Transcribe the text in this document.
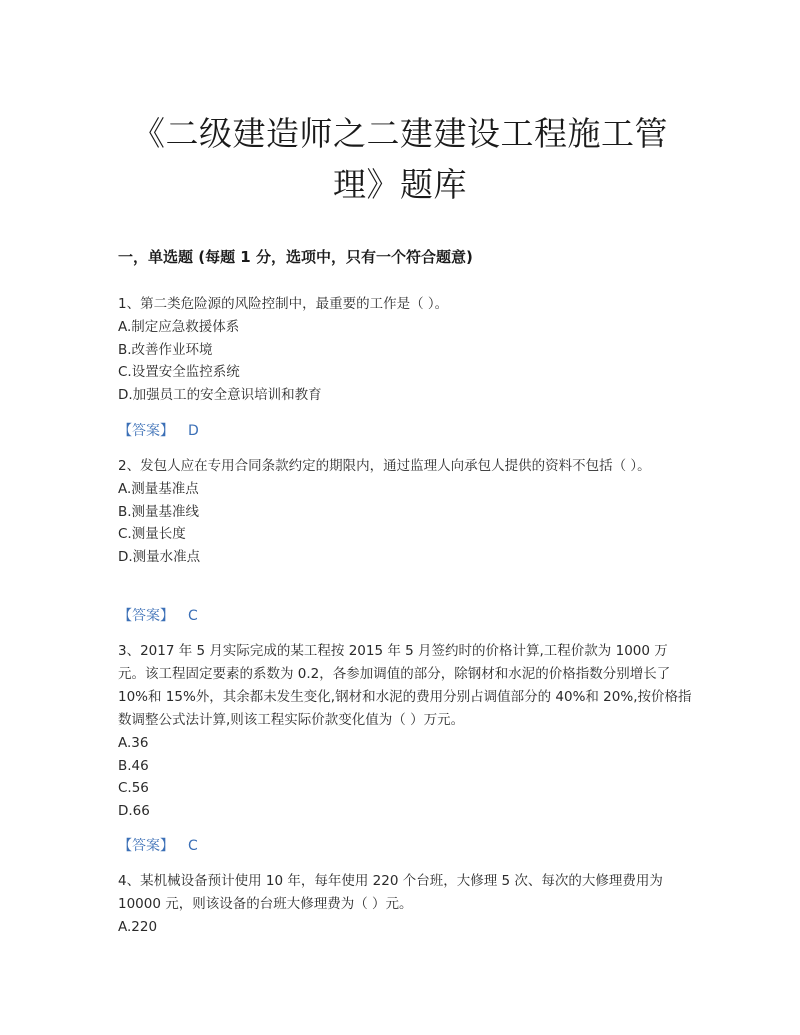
《二级建造师之二建建设工程施工管
理》题库
一，单选题 (每题 1 分，选项中，只有一个符合题意)

1、第二类危险源的风险控制中，最重要的工作是（ ）。

A.制定应急救援体系

B.改善作业环境

C.设置安全监控系统

D.加强员工的安全意识培训和教育

【答案】 D

2、发包人应在专用合同条款约定的期限内，通过监理人向承包人提供的资料不包括（ ）。

A.测量基准点

B.测量基准线

C.测量长度

D.测量水准点

【答案】 C

3、2017 年 5 月实际完成的某工程按 2015 年 5 月签约时的价格计算,工程价款为 1000 万元。该工程固定要素的系数为 0.2，各参加调值的部分，除钢材和水泥的价格指数分别增长了 10%和 15%外，其余都未发生变化,钢材和水泥的费用分别占调值部分的 40%和 20%,按价格指数调整公式法计算,则该工程实际价款变化值为（ ）万元。

A.36

B.46

C.56

D.66

【答案】 C

4、某机械设备预计使用 10 年，每年使用 220 个台班，大修理 5 次、每次的大修理费用为 10000 元，则该设备的台班大修理费为（ ）元。

A.220
